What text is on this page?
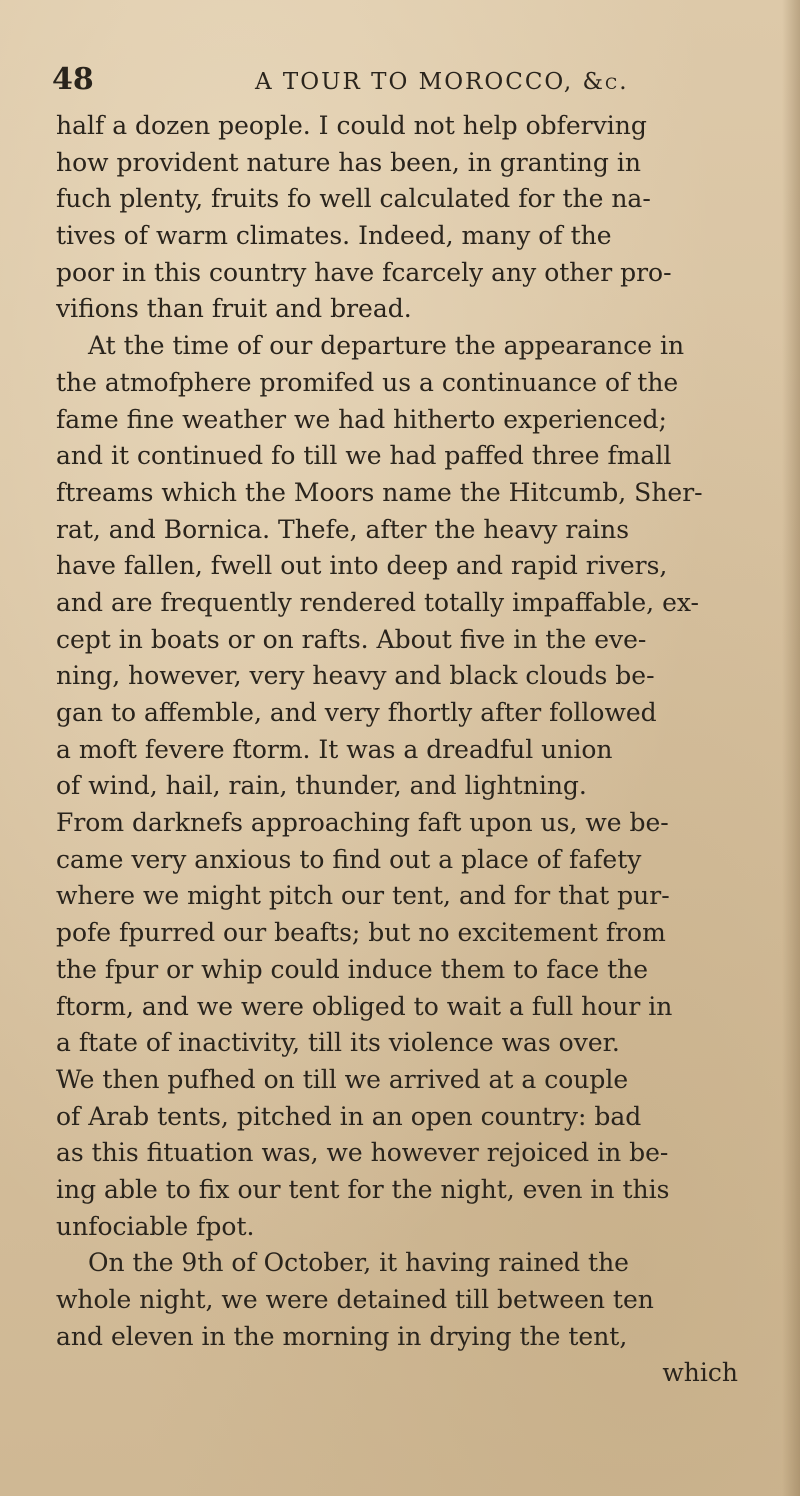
48	A TOUR TO MOROCCO, &c.
half a dozen people. I could not help obferving
how provident nature has been, in granting in
fuch plenty, fruits fo well calculated for the na-
tives of warm climates. Indeed, many of the
poor in this country have fcarcely any other pro-
vifions than fruit and bread.
At the time of our departure the appearance in
the atmofphere promifed us a continuance of the
fame fine weather we had hitherto experienced;
and it continued fo till we had paffed three fmall
ftreams which the Moors name the Hitcumb, Sher-
rat, and Bornica. Thefe, after the heavy rains
have fallen, fwell out into deep and rapid rivers,
and are frequently rendered totally impaffable, ex-
cept in boats or on rafts. About five in the eve-
ning, however, very heavy and black clouds be-
gan to affemble, and very fhortly after followed
a moft fevere ftorm. It was a dreadful union
of wind, hail, rain, thunder, and lightning.
From darknefs approaching faft upon us, we be-
came very anxious to find out a place of fafety
where we might pitch our tent, and for that pur-
pofe fpurred our beafts; but no excitement from
the fpur or whip could induce them to face the
ftorm, and we were obliged to wait a full hour in
a ftate of inactivity, till its violence was over.
We then pufhed on till we arrived at a couple
of Arab tents, pitched in an open country: bad
as this fituation was, we however rejoiced in be-
ing able to fix our tent for the night, even in this
unfociable fpot.
On the 9th of October, it having rained the
whole night, we were detained till between ten
and eleven in the morning in drying the tent,
which
